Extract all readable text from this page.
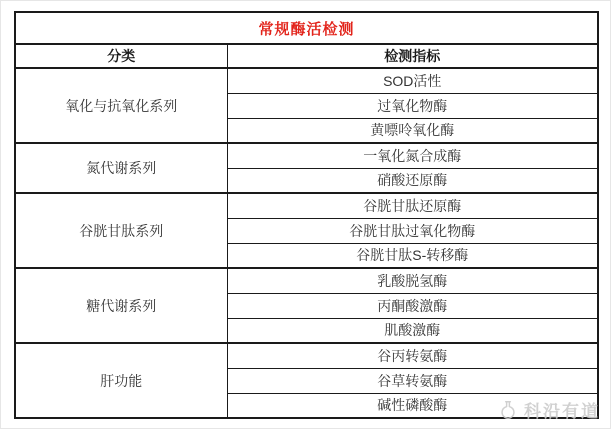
常规酶活检测	
分类	检测指标
氧化与抗氧化系列	SOD活性
	过氧化物酶
	黄嘌呤氧化酶
氮代谢系列	一氧化氮合成酶
	硝酸还原酶
谷胱甘肽系列	谷胱甘肽还原酶
	谷胱甘肽过氧化物酶
	谷胱甘肽S-转移酶
糖代谢系列	乳酸脱氢酶
	丙酮酸激酶
	肌酸激酶
肝功能	谷丙转氨酶
	谷草转氨酶
	碱性磷酸酶	科沿有道
